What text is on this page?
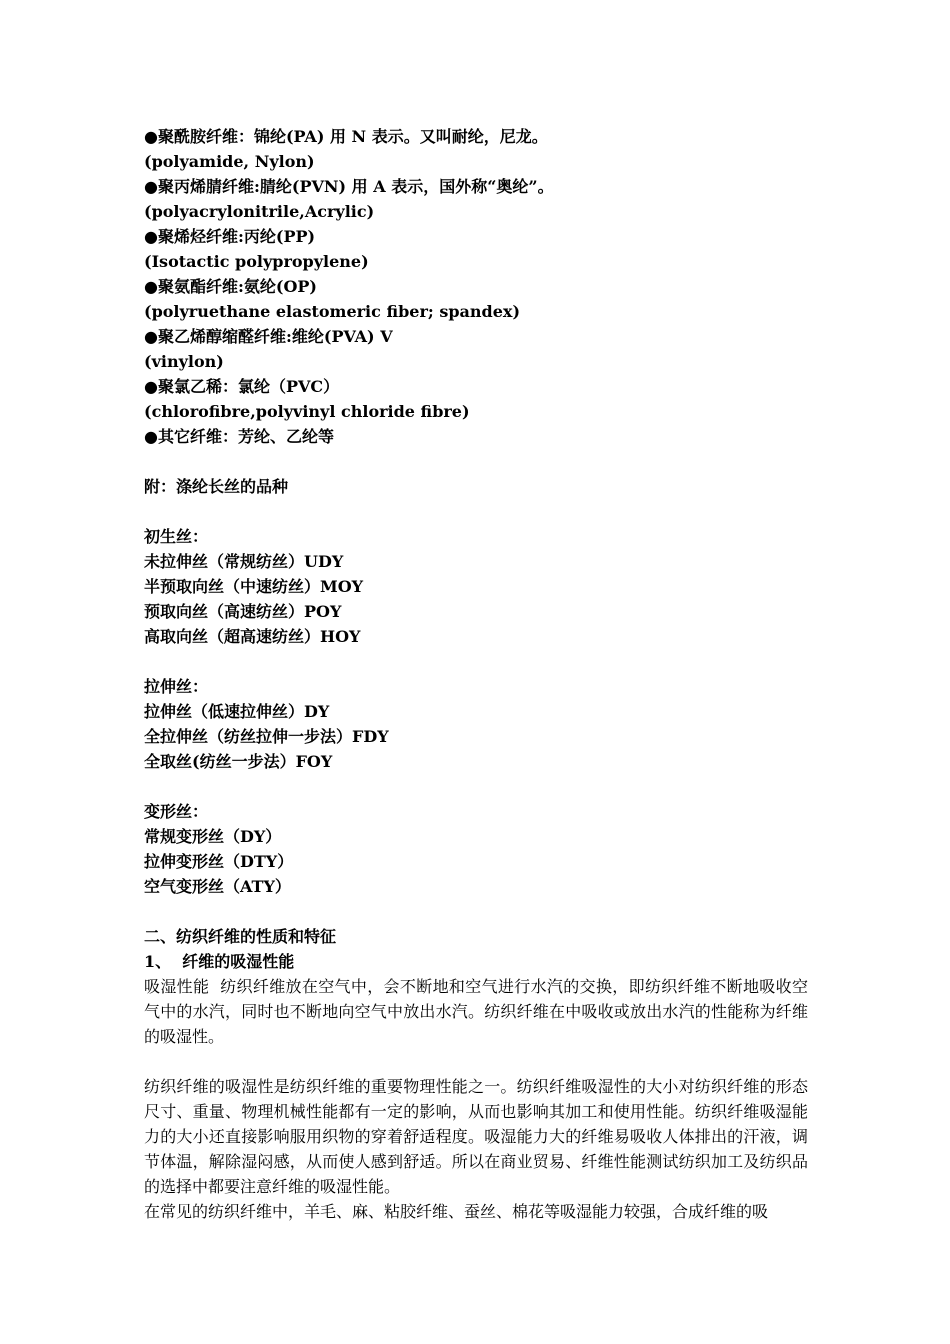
●聚酰胺纤维：锦纶(PA) 用 N 表示。又叫耐纶，尼龙。
(polyamide, Nylon)
●聚丙烯腈纤维:腈纶(PVN) 用 A 表示，国外称“奥纶”。
(polyacrylonitrile,Acrylic)
●聚烯烃纤维:丙纶(PP)
(Isotactic polypropylene)
●聚氨酯纤维:氨纶(OP)
(polyruethane elastomeric fiber; spandex)
●聚乙烯醇缩醛纤维:维纶(PVA) V
(vinylon)
●聚氯乙稀：氯纶（PVC）
(chlorofibre,polyvinyl chloride fibre)
●其它纤维：芳纶、乙纶等
附：涤纶长丝的品种
初生丝：
未拉伸丝（常规纺丝）UDY
半预取向丝（中速纺丝）MOY
预取向丝（高速纺丝）POY
高取向丝（超高速纺丝）HOY
拉伸丝：
拉伸丝（低速拉伸丝）DY
全拉伸丝（纺丝拉伸一步法）FDY
全取丝(纺丝一步法）FOY
变形丝：
常规变形丝（DY）
拉伸变形丝（DTY）
空气变形丝（ATY）
二、纺织纤维的性质和特征
1、  纤维的吸湿性能
吸湿性能  纺织纤维放在空气中，会不断地和空气进行水汽的交换，即纺织纤维不断地吸收空气中的水汽，同时也不断地向空气中放出水汽。纺织纤维在中吸收或放出水汽的性能称为纤维的吸湿性。
纺织纤维的吸湿性是纺织纤维的重要物理性能之一。纺织纤维吸湿性的大小对纺织纤维的形态尺寸、重量、物理机械性能都有一定的影响，从而也影响其加工和使用性能。纺织纤维吸湿能力的大小还直接影响服用织物的穿着舒适程度。吸湿能力大的纤维易吸收人体排出的汗液，调节体温，解除湿闷感，从而使人感到舒适。所以在商业贸易、纤维性能测试纺织加工及纺织品的选择中都要注意纤维的吸湿性能。
在常见的纺织纤维中，羊毛、麻、粘胶纤维、蚕丝、棉花等吸湿能力较强，合成纤维的吸
